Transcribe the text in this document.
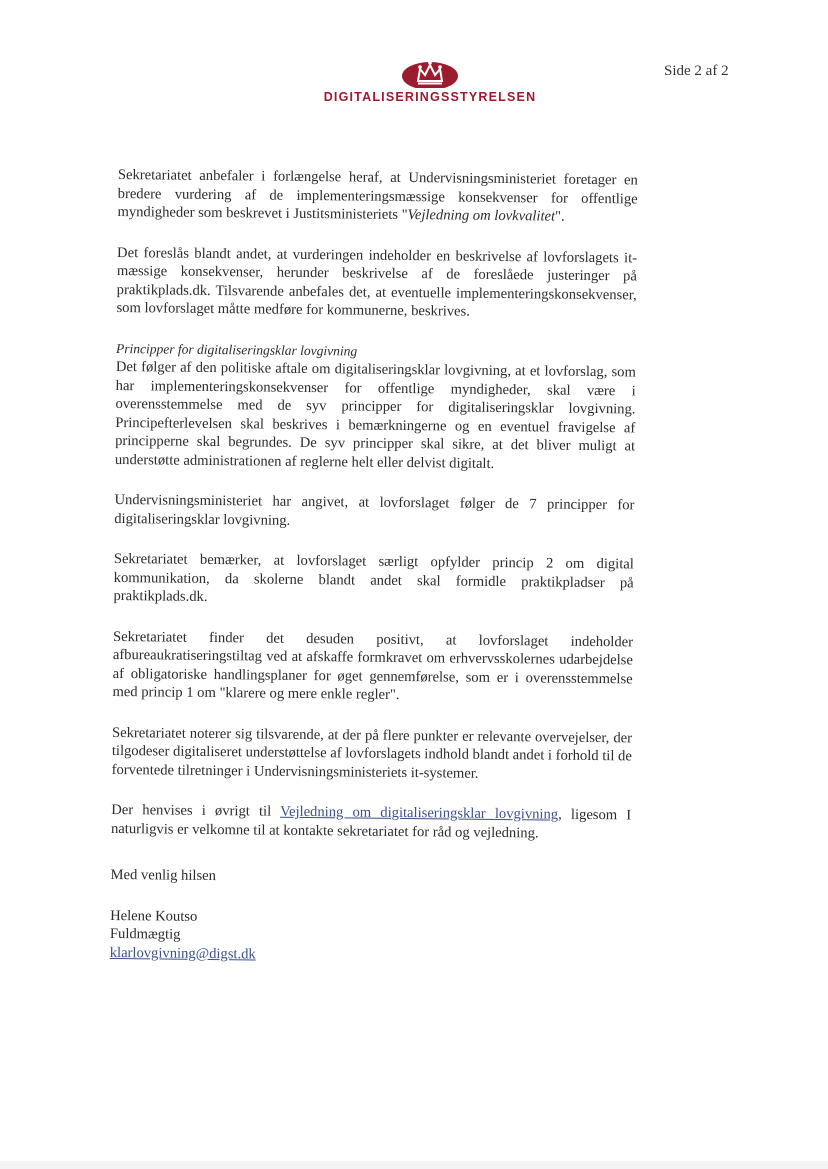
Side 2 af 2
DIGITALISERINGSSTYRELSEN

Sekretariatet anbefaler i forlængelse heraf, at Undervisningsministeriet foretager en bredere vurdering af de implementeringsmæssige konsekvenser for offentlige myndigheder som beskrevet i Justitsministeriets "Vejledning om lovkvalitet".

Det foreslås blandt andet, at vurderingen indeholder en beskrivelse af lovforslagets it-mæssige konsekvenser, herunder beskrivelse af de foreslåede justeringer på praktikplads.dk. Tilsvarende anbefales det, at eventuelle implementeringskonsekvenser, som lovforslaget måtte medføre for kommunerne, beskrives.

Principper for digitaliseringsklar lovgivning

Det følger af den politiske aftale om digitaliseringsklar lovgivning, at et lovforslag, som har implementeringskonsekvenser for offentlige myndigheder, skal være i overensstemmelse med de syv principper for digitaliseringsklar lovgivning. Principefterlevelsen skal beskrives i bemærkningerne og en eventuel fravigelse af principperne skal begrundes. De syv principper skal sikre, at det bliver muligt at understøtte administrationen af reglerne helt eller delvist digitalt.

Undervisningsministeriet har angivet, at lovforslaget følger de 7 principper for digitaliseringsklar lovgivning.

Sekretariatet bemærker, at lovforslaget særligt opfylder princip 2 om digital kommunikation, da skolerne blandt andet skal formidle praktikpladser på praktikplads.dk.

Sekretariatet finder det desuden positivt, at lovforslaget indeholder afbureaukratiseringstiltag ved at afskaffe formkravet om erhvervsskolernes udarbejdelse af obligatoriske handlingsplaner for øget gennemførelse, som er i overensstemmelse med princip 1 om "klarere og mere enkle regler".

Sekretariatet noterer sig tilsvarende, at der på flere punkter er relevante overvejelser, der tilgodeser digitaliseret understøttelse af lovforslagets indhold blandt andet i forhold til de forventede tilretninger i Undervisningsministeriets it-systemer.

Der henvises i øvrigt til Vejledning om digitaliseringsklar lovgivning, ligesom I naturligvis er velkomne til at kontakte sekretariatet for råd og vejledning.

Med venlig hilsen
Helene Koutso
Fuldmægtig
klarlovgivning@digst.dk
